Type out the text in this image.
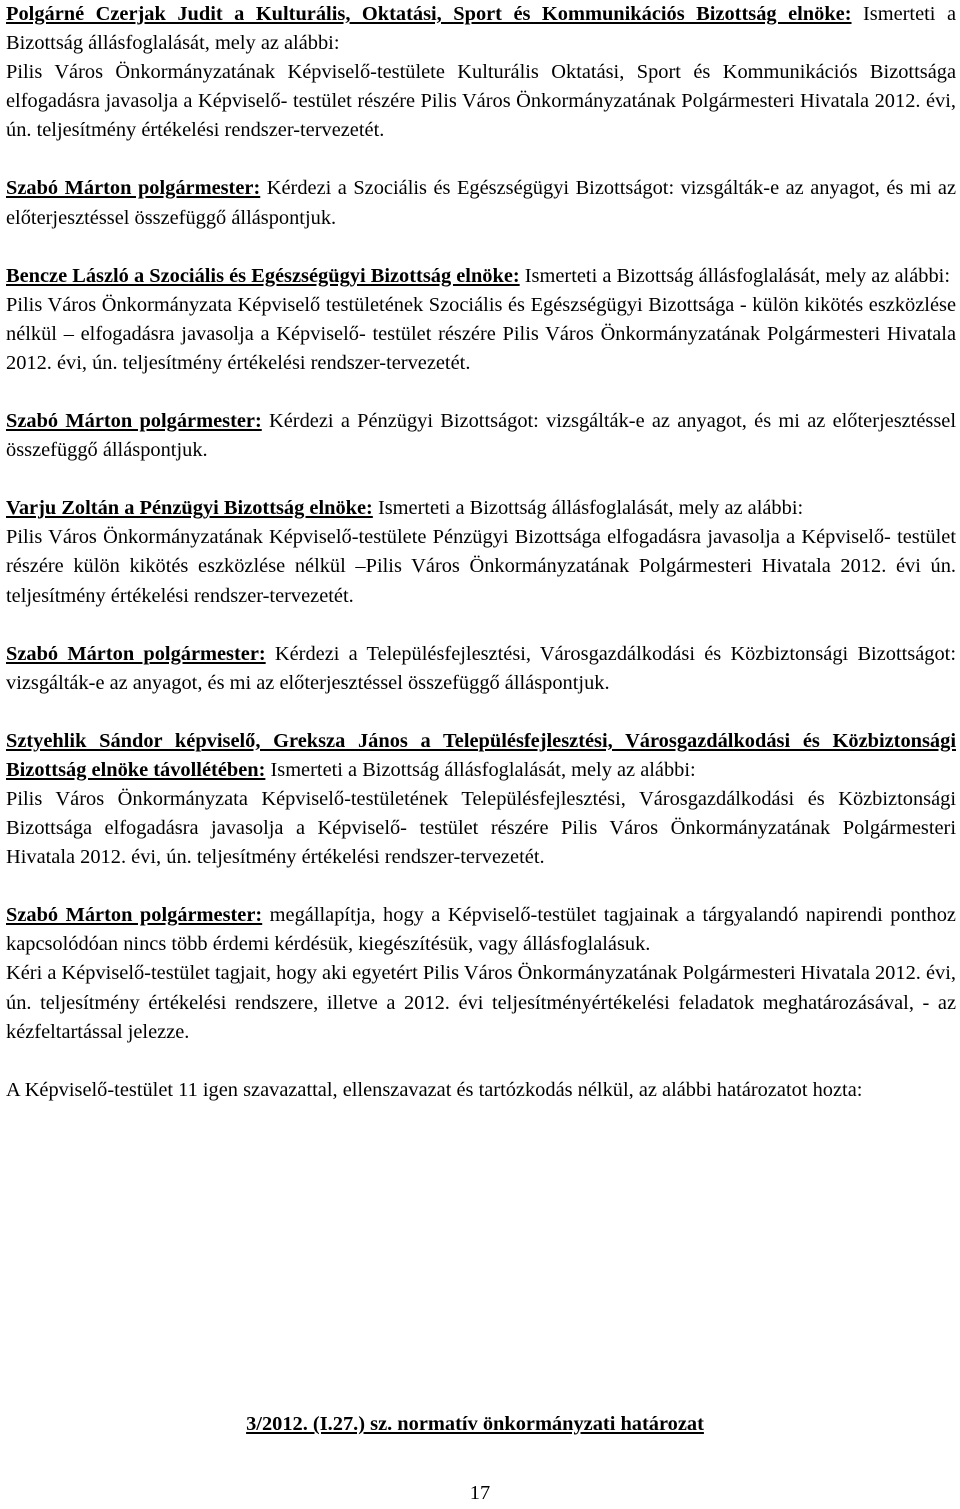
Polgárné Czerjak Judit a Kulturális, Oktatási, Sport és Kommunikációs Bizottság elnöke: Ismerteti a Bizottság állásfoglalását, mely az alábbi:

Pilis Város Önkormányzatának Képviselő-testülete Kulturális Oktatási, Sport és Kommunikációs Bizottsága elfogadásra javasolja a Képviselő- testület részére Pilis Város Önkormányzatának Polgármesteri Hivatala 2012. évi, ún. teljesítmény értékelési rendszer-tervezetét.

Szabó Márton polgármester: Kérdezi a Szociális és Egészségügyi Bizottságot: vizsgálták-e az anyagot, és mi az előterjesztéssel összefüggő álláspontjuk.

Bencze László a Szociális és Egészségügyi Bizottság elnöke: Ismerteti a Bizottság állásfoglalását, mely az alábbi:

Pilis Város Önkormányzata Képviselő testületének Szociális és Egészségügyi Bizottsága - külön kikötés eszközlése nélkül – elfogadásra javasolja a Képviselő- testület részére Pilis Város Önkormányzatának Polgármesteri Hivatala 2012. évi, ún. teljesítmény értékelési rendszer-tervezetét.

Szabó Márton polgármester: Kérdezi a Pénzügyi Bizottságot: vizsgálták-e az anyagot, és mi az előterjesztéssel összefüggő álláspontjuk.

Varju Zoltán a Pénzügyi Bizottság elnöke: Ismerteti a Bizottság állásfoglalását, mely az alábbi:

Pilis Város Önkormányzatának Képviselő-testülete Pénzügyi Bizottsága elfogadásra javasolja a Képviselő- testület részére külön kikötés eszközlése nélkül –Pilis Város Önkormányzatának Polgármesteri Hivatala 2012. évi ún. teljesítmény értékelési rendszer-tervezetét.

Szabó Márton polgármester: Kérdezi a Településfejlesztési, Városgazdálkodási és Közbiztonsági Bizottságot: vizsgálták-e az anyagot, és mi az előterjesztéssel összefüggő álláspontjuk.

Sztyehlik Sándor képviselő, Greksza János a Településfejlesztési, Városgazdálkodási és Közbiztonsági Bizottság elnöke távollétében: Ismerteti a Bizottság állásfoglalását, mely az alábbi:

Pilis Város Önkormányzata Képviselő-testületének Településfejlesztési, Városgazdálkodási és Közbiztonsági Bizottsága elfogadásra javasolja a Képviselő- testület részére Pilis Város Önkormányzatának Polgármesteri Hivatala 2012. évi, ún. teljesítmény értékelési rendszer-tervezetét.

Szabó Márton polgármester: megállapítja, hogy a Képviselő-testület tagjainak a tárgyalandó napirendi ponthoz kapcsolódóan nincs több érdemi kérdésük, kiegészítésük, vagy állásfoglalásuk.

Kéri a Képviselő-testület tagjait, hogy aki egyetért Pilis Város Önkormányzatának Polgármesteri Hivatala 2012. évi, ún. teljesítmény értékelési rendszere, illetve a 2012. évi teljesítményértékelési feladatok meghatározásával, - az kézfeltartással jelezze.

A Képviselő-testület 11 igen szavazattal, ellenszavazat és tartózkodás nélkül, az alábbi határozatot hozta:

3/2012. (I.27.) sz. normatív önkormányzati határozat
17
